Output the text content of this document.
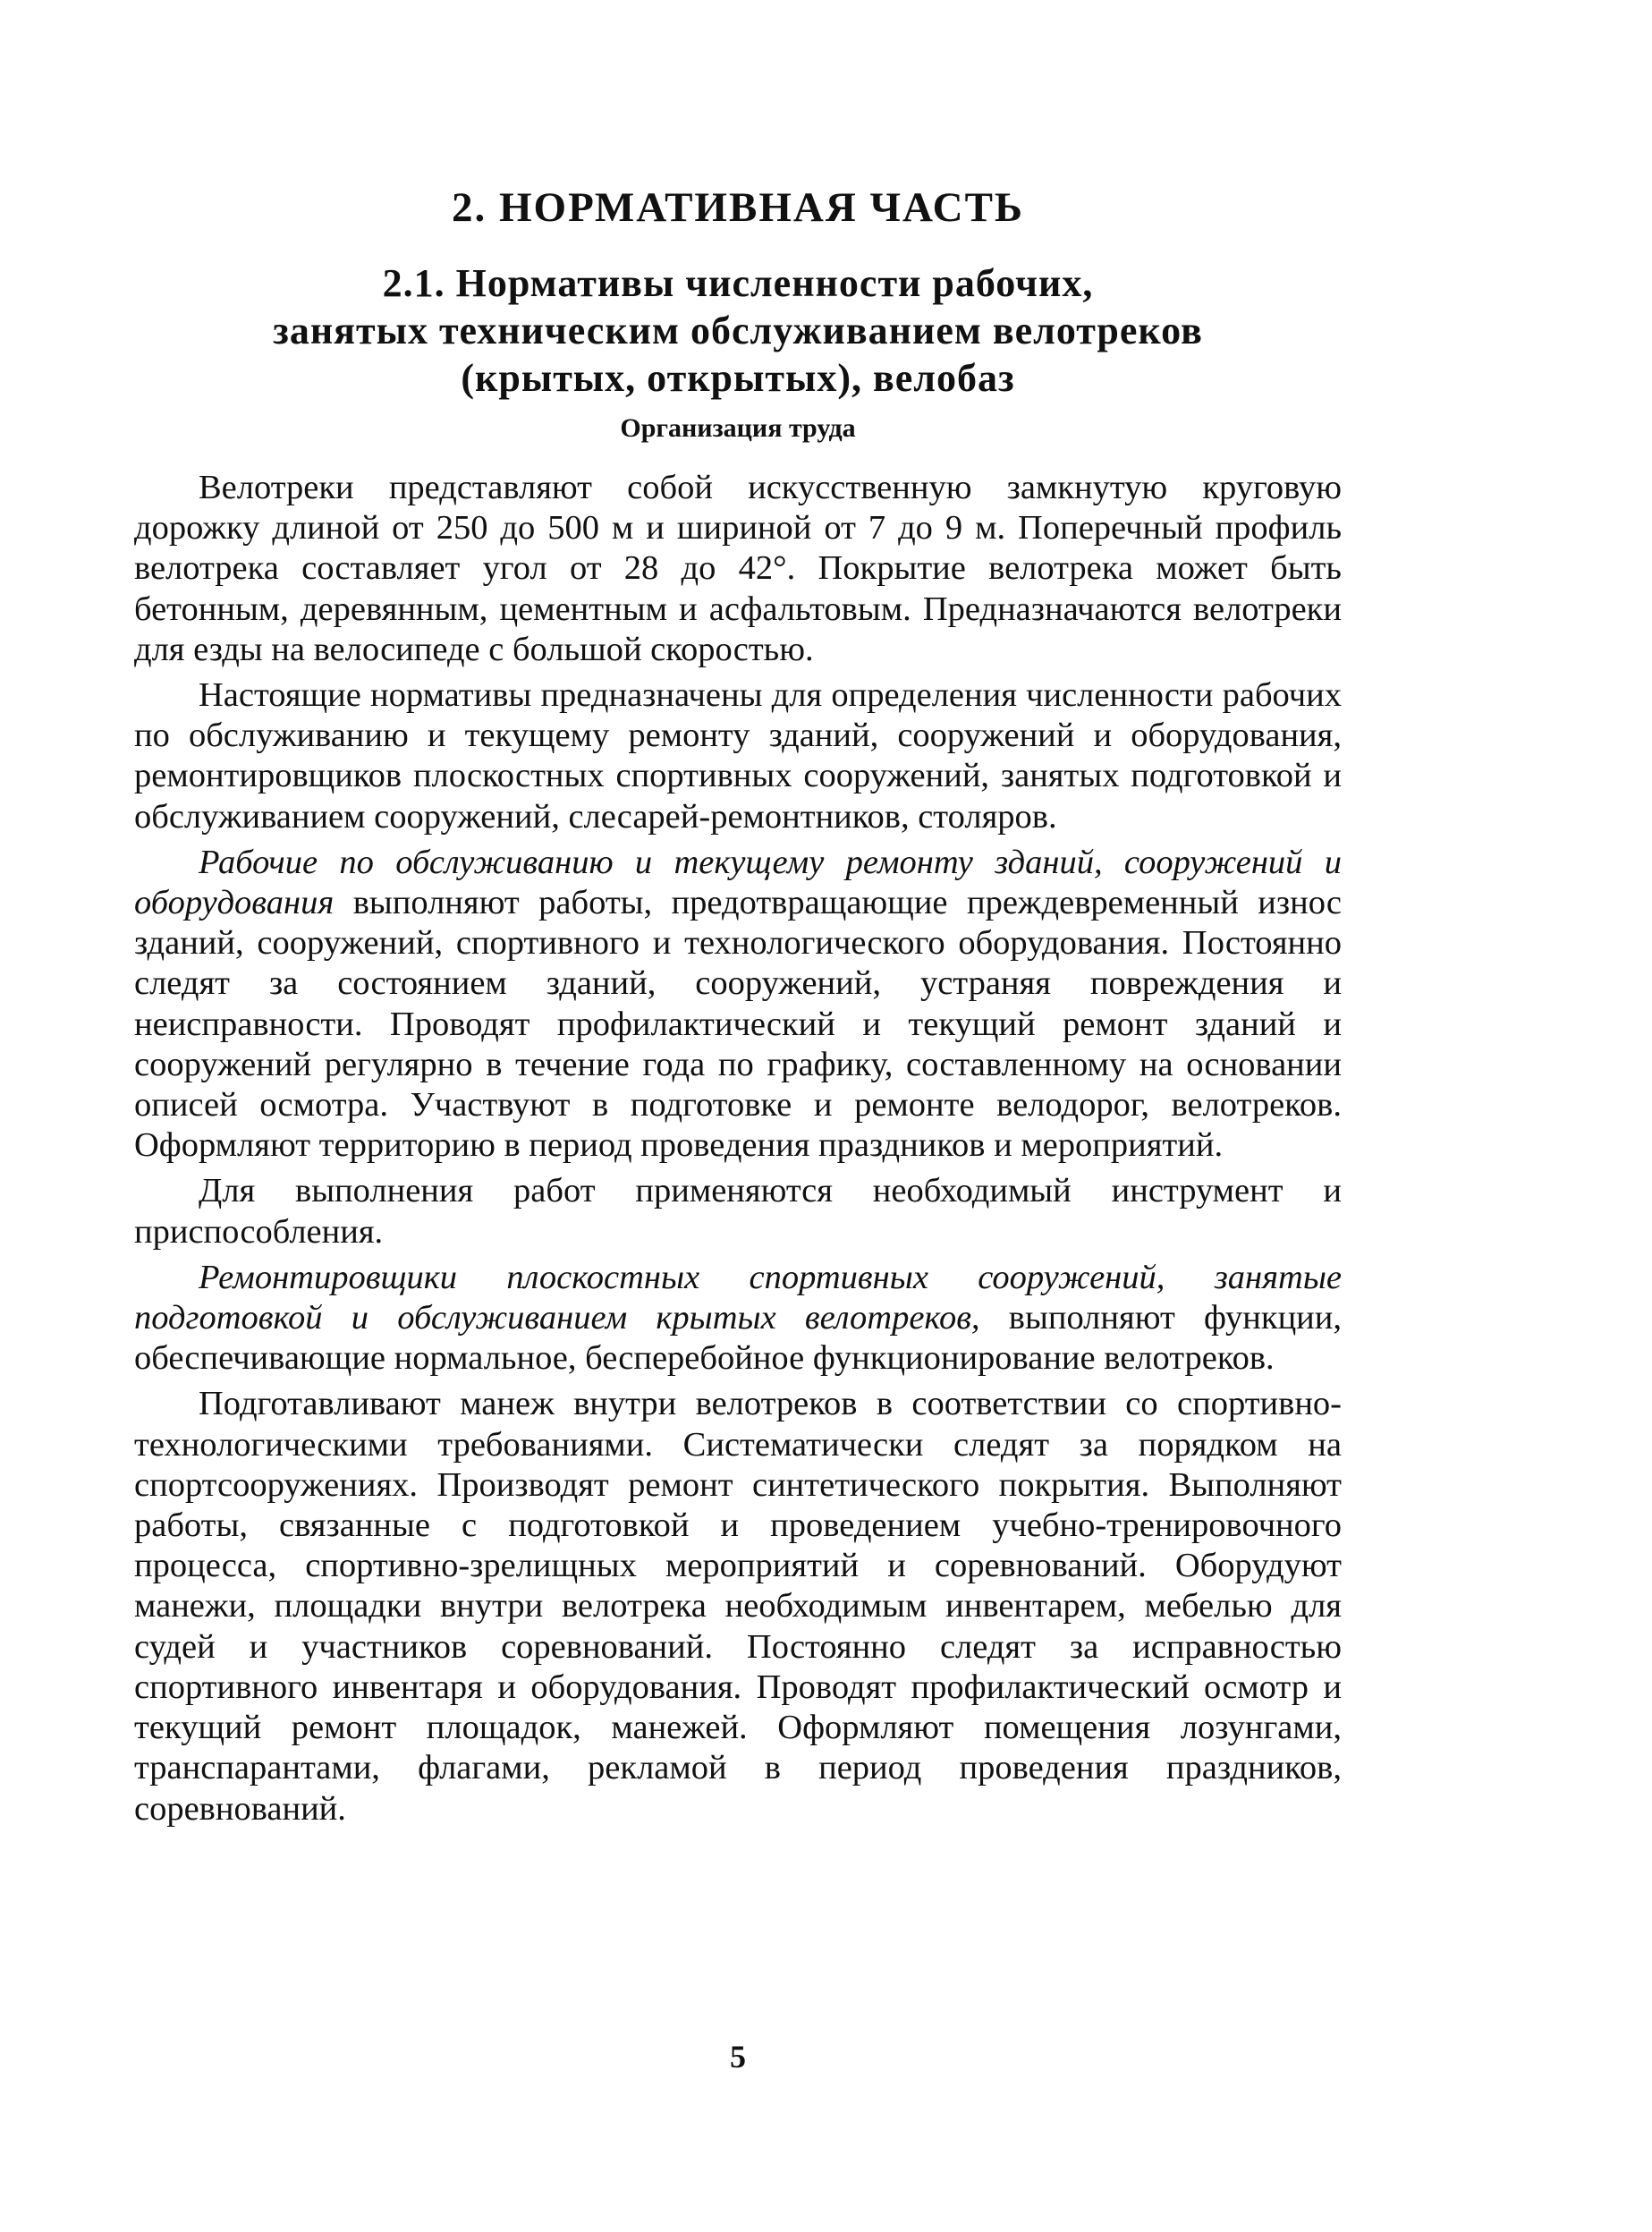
2. НОРМАТИВНАЯ ЧАСТЬ
2.1. Нормативы численности рабочих,
занятых техническим обслуживанием велотреков
(крытых, открытых), велобаз
Организация труда

Велотреки представляют собой искусственную замкнутую круговую дорожку длиной от 250 до 500 м и шириной от 7 до 9 м. Поперечный профиль велотрека составляет угол от 28 до 42°. Покрытие велотрека может быть бетонным, деревянным, цементным и асфальтовым. Предназначаются велотреки для езды на велосипеде с большой скоростью.

Настоящие нормативы предназначены для определения численности рабочих по обслуживанию и текущему ремонту зданий, сооружений и оборудования, ремонтировщиков плоскостных спортивных сооружений, занятых подготовкой и обслуживанием сооружений, слесарей-ремонтников, столяров.

Рабочие по обслуживанию и текущему ремонту зданий, сооружений и оборудования выполняют работы, предотвращающие преждевременный износ зданий, сооружений, спортивного и технологического оборудования. Постоянно следят за состоянием зданий, сооружений, устраняя повреждения и неисправности. Проводят профилактический и текущий ремонт зданий и сооружений регулярно в течение года по графику, составленному на основании описей осмотра. Участвуют в подготовке и ремонте велодорог, велотреков. Оформляют территорию в период проведения праздников и мероприятий.

Для выполнения работ применяются необходимый инструмент и приспособления.

Ремонтировщики плоскостных спортивных сооружений, занятые подготовкой и обслуживанием крытых велотреков, выполняют функции, обеспечивающие нормальное, бесперебойное функционирование велотреков.

Подготавливают манеж внутри велотреков в соответствии со спортивно-технологическими требованиями. Систематически следят за порядком на спортсооружениях. Производят ремонт синтетического покрытия. Выполняют работы, связанные с подготовкой и проведением учебно-тренировочного процесса, спортивно-зрелищных мероприятий и соревнований. Оборудуют манежи, площадки внутри велотрека необходимым инвентарем, мебелью для судей и участников соревнований. Постоянно следят за исправностью спортивного инвентаря и оборудования. Проводят профилактический осмотр и текущий ремонт площадок, манежей. Оформляют помещения лозунгами, транспарантами, флагами, рекламой в период проведения праздников, соревнований.

5
